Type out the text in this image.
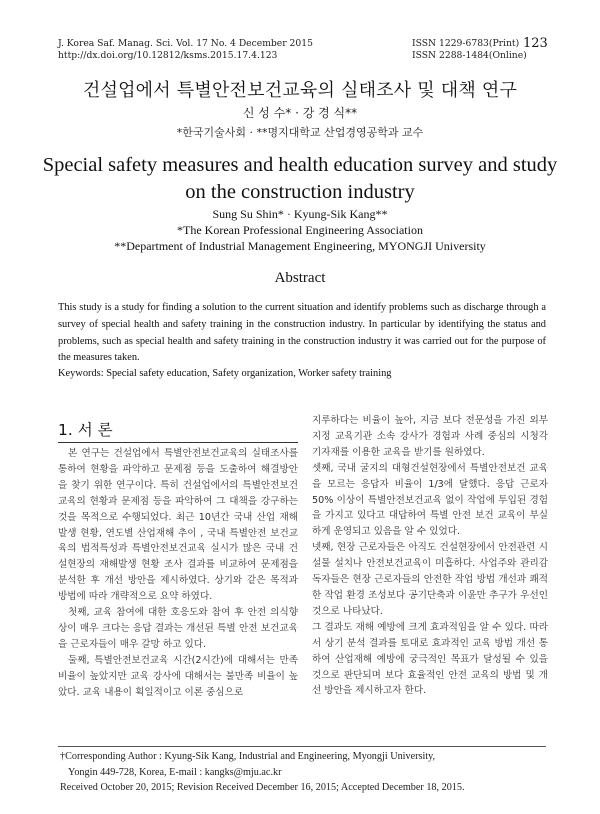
J. Korea Saf. Manag. Sci. Vol. 17 No. 4 December 2015
http://dx.doi.org/10.12812/ksms.2015.17.4.123
ISSN 1229-6783(Print)
ISSN 2288-1484(Online)
123
건설업에서 특별안전보건교육의 실태조사 및 대책 연구
신 성 수* · 강 경 식**
*한국기술사회 · **명지대학교 산업경영공학과 교수
Special safety measures and health education survey and study on the construction industry
Sung Su Shin* · Kyung-Sik Kang**
*The Korean Professional Engineering Association
**Department of Industrial Management Engineering, MYONGJI University
Abstract
This study is a study for finding a solution to the current situation and identify problems such as discharge through a survey of special health and safety training in the construction industry. In particular by identifying the status and problems, such as special health and safety training in the construction industry it was carried out for the purpose of the measures taken.
Keywords: Special safety education, Safety organization, Worker safety training
1. 서 론

본 연구는 건설업에서 특별안전보건교육의 실태조사를 통하여 현황을 파악하고 문제점 등을 도출하여 해결방안을 찾기 위한 연구이다. 특히 건설업에서의 특별안전보건교육의 현황과 문제점 등을 파악하여 그 대책을 강구하는 것을 목적으로 수행되었다. 최근 10년간 국내 산업 재해발생 현황, 연도별 산업재해 추이 , 국내 특별안전 보건교육의 법적특성과 특별안전보건교육 실시가 많은 국내 건설현장의 재해발생 현황 조사 결과를 비교하여 문제점을 분석한 후 개선 방안을 제시하였다. 상기와 같은 목적과 방법에 따라 개략적으로 요약 하였다.

첫째, 교육 참여에 대한 호응도와 참여 후 안전 의식향상이 매우 크다는 응답 결과는 개선된 특별 안전 보건교육을 근로자들이 매우 갈망 하고 있다.

둘째, 특별안전보건교육 시간(2시간)에 대해서는 만족 비율이 높았지만 교육 강사에 대해서는 불만족 비율이 높았다. 교육 내용이 획일적이고 이론 중심으로

지루하다는 비율이 높아, 지금 보다 전문성을 가진 외부 지정 교육기관 소속 강사가 경험과 사례 중심의 시청각 기자재를 이용한 교육을 받기를 원하였다.

셋째, 국내 굴지의 대형건설현장에서 특별안전보건 교육을 모르는 응답자 비율이 1/3에 달했다. 응답 근로자 50% 이상이 특별안전보건교육 없이 작업에 투입된 경험을 가지고 있다고 대답하여 특별 안전 보건 교육이 부실하게 운영되고 있음을 알 수 있었다.

넷째, 현장 근로자들은 아직도 건설현장에서 안전관련 시설물 설치나 안전보건교육이 미흡하다. 사업주와 관리감독자들은 현장 근로자들의 안전한 작업 방법 개선과 쾌적한 작업 환경 조성보다 공기단축과 이윤만 추구가 우선인 것으로 나타났다.

그 결과도 재해 예방에 크게 효과적임을 알 수 있다. 따라서 상기 분석 결과를 토대로 효과적인 교육 방법 개선 통하여 산업재해 예방에 궁극적인 목표가 달성될 수 있을 것으로 판단되며 보다 효율적인 안전 교육의 방법 및 개선 방안을 제시하고자 한다.

†Corresponding Author : Kyung-Sik Kang, Industrial and Engineering, Myongji University,
Yongin 449-728, Korea, E-mail : kangks@mju.ac.kr
Received October 20, 2015; Revision Received December 16, 2015; Accepted December 18, 2015.
